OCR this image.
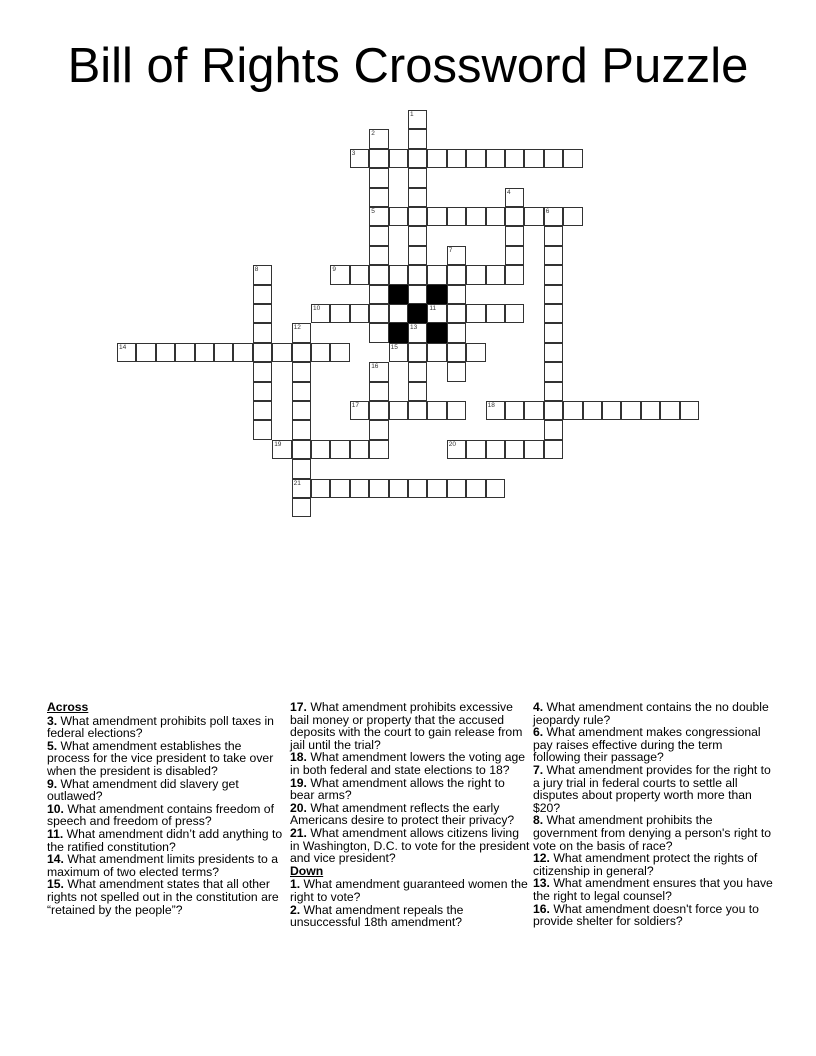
Bill of Rights Crossword Puzzle
1
2
5
3
4
6
7
8	9
10	11
12
21
13
14	15
16
17	18
19	20
Across
3. What amendment prohibits poll taxes in federal elections?
5. What amendment establishes the process for the vice president to take over when the president is disabled?
9. What amendment did slavery get outlawed?
10. What amendment contains freedom of speech and freedom of press?
11. What amendment didn’t add anything to the ratified constitution?
14. What amendment limits presidents to a maximum of two elected terms?
15. What amendment states that all other rights not spelled out in the constitution are “retained by the people”?
17. What amendment prohibits excessive bail money or property that the accused deposits with the court to gain release from jail until the trial?
18. What amendment lowers the voting age in both federal and state elections to 18?
19. What amendment allows the right to bear arms?
20. What amendment reflects the early Americans desire to protect their privacy?
21. What amendment allows citizens living in Washington, D.C. to vote for the president and vice president?
Down
1. What amendment guaranteed women the right to vote?
2. What amendment repeals the unsuccessful 18th amendment?
4. What amendment contains the no double jeopardy rule?
6. What amendment makes congressional pay raises effective during the term following their passage?
7. What amendment provides for the right to a jury trial in federal courts to settle all disputes about property worth more than $20?
8. What amendment prohibits the government from denying a person's right to vote on the basis of race?
12. What amendment protect the rights of citizenship in general?
13. What amendment ensures that you have the right to legal counsel?
16. What amendment doesn't force you to provide shelter for soldiers?
